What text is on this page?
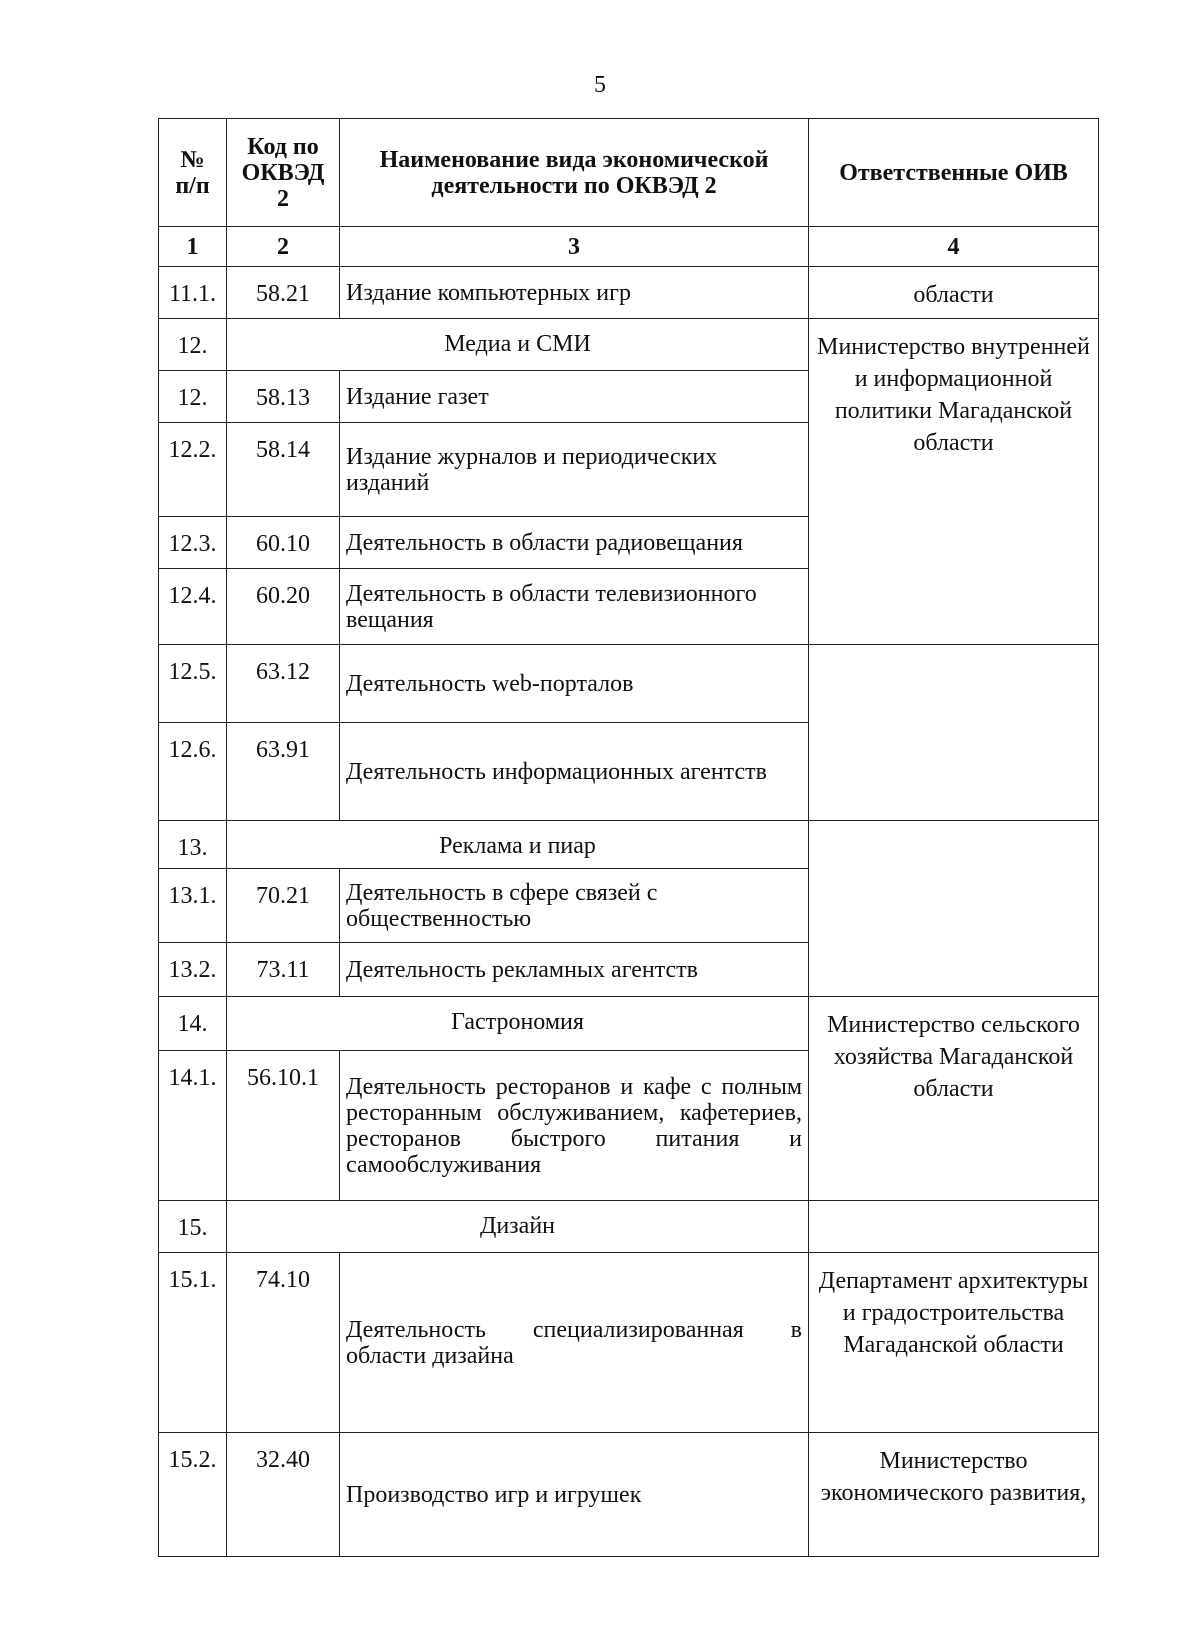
5
№ п/п	Код по ОКВЭД 2	Наименование вида экономической деятельности по ОКВЭД 2	Ответственные ОИВ
1	2	3	4
11.1.	58.21	Издание компьютерных игр	области
12.	Медиа и СМИ		Министерство внутренней и информационной политики Магаданской области
12.	58.13	Издание газет	
12.2.	58.14	Издание журналов и периодических изданий	
12.3.	60.10	Деятельность в области радиовещания	
12.4.	60.20	Деятельность в области телевизионного вещания	
12.5.	63.12	Деятельность web-порталов	
12.6.	63.91	Деятельность информационных агентств	
13.	Реклама и пиар		
13.1.	70.21	Деятельность в сфере связей с общественностью	
13.2.	73.11	Деятельность рекламных агентств	
14.	Гастрономия		Министерство сельского хозяйства Магаданской области
14.1.	56.10.1	Деятельность ресторанов и кафе с полным ресторанным обслуживанием, кафетериев, ресторанов быстрого питания и самообслуживания	
15.	Дизайн		
15.1.	74.10	Деятельность специализированная в области дизайна	Департамент архитектуры и градостроительства Магаданской области
15.2.	32.40	Производство игр и игрушек	Министерство экономического развития,
